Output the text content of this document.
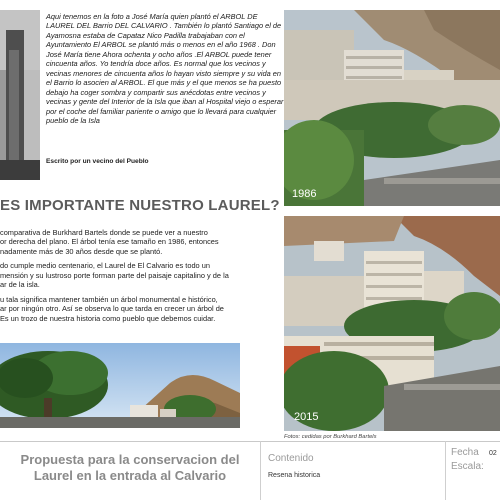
Aqui tenemos en la foto a José María quien plantó el ARBOL DE LAUREL DEL Barrio DEL CALVARIO . También lo plantó Santiago el de Ayamosna estaba de Capataz Nico Padilla trabajaban con el Ayuntamiento El ARBOL se plantó más o menos en el año 1968 . Don José María tiene Ahora ochenta y ocho años .El ARBOL puede tener cincuenta años. Yo tendría doce años. Es normal que los vecinos y vecinas menores de cincuenta años lo hayan visto siempre y su vida en el Barrio lo asocien al ARBOL. El que más y el que menos se ha puesto debajo ha coger sombra y compartir sus anécdotas entre vecinos y vecinas y gente del Interior de la Isla que iban al Hospital viejo o esperar por el coche del familiar pariente o amigo que lo llevará para cualquier pueblo de la Isla

Escrito por un vecino del Pueblo
ES IMPORTANTE NUESTRO LAUREL?

comparativa de Burkhard Bartels donde se puede ver a nuestro
or derecha del plano. El árbol tenía ese tamaño en 1986, entonces
nadamente más de 30 años desde que se plantó.

do cumple medio centenario, el Laurel de El Calvario es todo un
mensión y su lustroso porte forman parte del paisaje capitalino y de la
ar de la isla.

u tala significa mantener también un árbol monumental e histórico,
ar por ningún otro. Así se observa lo que tarda en crecer un árbol de
Es un trozo de nuestra historia como pueblo que debemos cuidar.

1986
2015
Fotos: cedidas por Burkhard Bartels
Propuesta para la conservacion del Laurel en la entrada al Calvario
Contenido
Resena historica
Fecha 02
Escala:
